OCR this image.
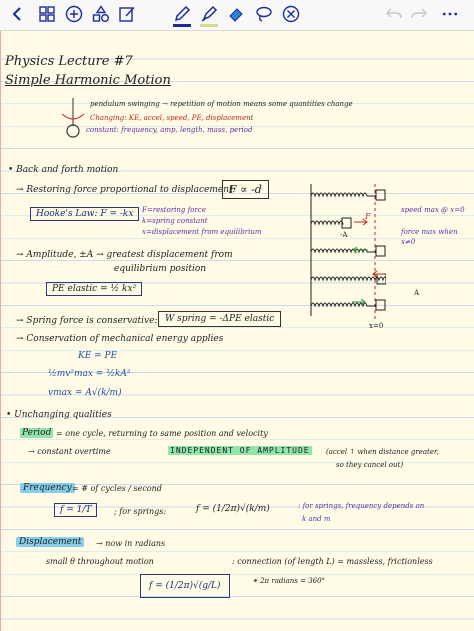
Physics Lecture #7
Simple Harmonic Motion
pendulum swinging → repetition of motion means some quantities change
Changing: KE, accel, speed, PE, displacement
constant: frequency, amp, length, mass, period
• Back and forth motion
→ Restoring force proportional to displacement:
F ∝ -d
Hooke's Law: F = -kx	F=restoring force
k=spring constant
x=displacement from equilibrium
→ Amplitude, ±A → greatest displacement from
equilibrium position
PE elastic = ½ kx²
→ Spring force is conservative: W spring = -ΔPE elastic
→ Conservation of mechanical energy applies
KE = PE
½mv²max = ½kA²
vmax = A√(k/m)
F
-A
A
x=0
speed max @ x=0
force max when x≠0
• Unchanging qualities
Period = one cycle, returning to same position and velocity
→ constant overtime	INDEPENDENT OF AMPLITUDE (accel ↑ when distance greater,
so they cancel out)
Frequency = # of cycles / second
f = 1/T	; for springs:	f = (1/2π)√(k/m)	: for springs, frequency depends on
k and m
Displacement	→ now in radians
small θ throughout motion	: connection (of length L) = massless, frictionless
✴ 2π radians = 360°
f = (1/2π)√(g/L)
